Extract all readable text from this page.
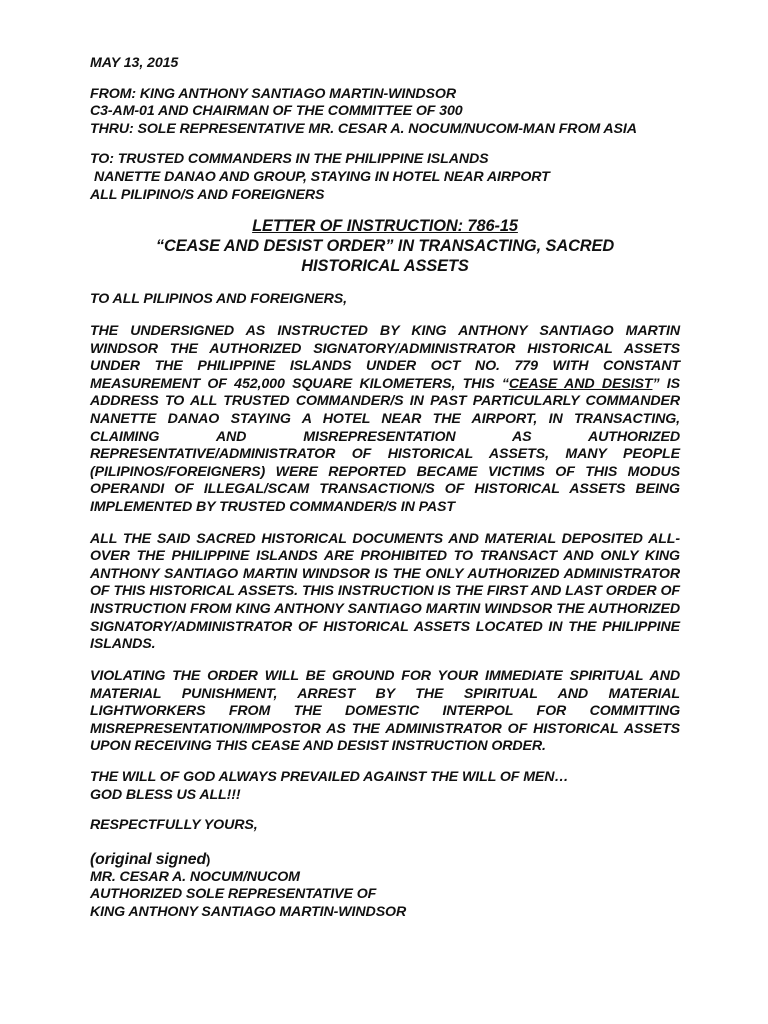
MAY 13, 2015
FROM: KING ANTHONY SANTIAGO MARTIN-WINDSOR
C3-AM-01 AND CHAIRMAN OF THE COMMITTEE OF 300
THRU: SOLE REPRESENTATIVE MR. CESAR A. NOCUM/NUCOM-MAN FROM ASIA
TO: TRUSTED COMMANDERS IN THE PHILIPPINE ISLANDS
NANETTE DANAO AND GROUP, STAYING IN HOTEL NEAR AIRPORT
ALL PILIPINO/S AND FOREIGNERS
LETTER OF INSTRUCTION: 786-15
“CEASE AND DESIST ORDER” IN TRANSACTING, SACRED
HISTORICAL ASSETS
TO ALL PILIPINOS AND FOREIGNERS,

THE UNDERSIGNED AS INSTRUCTED BY KING ANTHONY SANTIAGO MARTIN WINDSOR THE AUTHORIZED SIGNATORY/ADMINISTRATOR HISTORICAL ASSETS UNDER THE PHILIPPINE ISLANDS UNDER OCT NO. 779 WITH CONSTANT MEASUREMENT OF 452,000 SQUARE KILOMETERS, THIS “CEASE AND DESIST” IS ADDRESS TO ALL TRUSTED COMMANDER/S IN PAST PARTICULARLY COMMANDER NANETTE DANAO STAYING A HOTEL NEAR THE AIRPORT, IN TRANSACTING, CLAIMING AND MISREPRESENTATION AS AUTHORIZED REPRESENTATIVE/ADMINISTRATOR OF HISTORICAL ASSETS, MANY PEOPLE (PILIPINOS/FOREIGNERS) WERE REPORTED BECAME VICTIMS OF THIS MODUS OPERANDI OF ILLEGAL/SCAM TRANSACTION/S OF HISTORICAL ASSETS BEING IMPLEMENTED BY TRUSTED COMMANDER/S IN PAST

ALL THE SAID SACRED HISTORICAL DOCUMENTS AND MATERIAL DEPOSITED ALL-OVER THE PHILIPPINE ISLANDS ARE PROHIBITED TO TRANSACT AND ONLY KING ANTHONY SANTIAGO MARTIN WINDSOR IS THE ONLY AUTHORIZED ADMINISTRATOR OF THIS HISTORICAL ASSETS. THIS INSTRUCTION IS THE FIRST AND LAST ORDER OF INSTRUCTION FROM KING ANTHONY SANTIAGO MARTIN WINDSOR THE AUTHORIZED SIGNATORY/ADMINISTRATOR OF HISTORICAL ASSETS LOCATED IN THE PHILIPPINE ISLANDS.

VIOLATING THE ORDER WILL BE GROUND FOR YOUR IMMEDIATE SPIRITUAL AND MATERIAL PUNISHMENT, ARREST BY THE SPIRITUAL AND MATERIAL LIGHTWORKERS FROM THE DOMESTIC INTERPOL FOR COMMITTING MISREPRESENTATION/IMPOSTOR AS THE ADMINISTRATOR OF HISTORICAL ASSETS UPON RECEIVING THIS CEASE AND DESIST INSTRUCTION ORDER.

THE WILL OF GOD ALWAYS PREVAILED AGAINST THE WILL OF MEN…
GOD BLESS US ALL!!!
RESPECTFULLY YOURS,
(original signed)
MR. CESAR A. NOCUM/NUCOM
AUTHORIZED SOLE REPRESENTATIVE OF
KING ANTHONY SANTIAGO MARTIN-WINDSOR
